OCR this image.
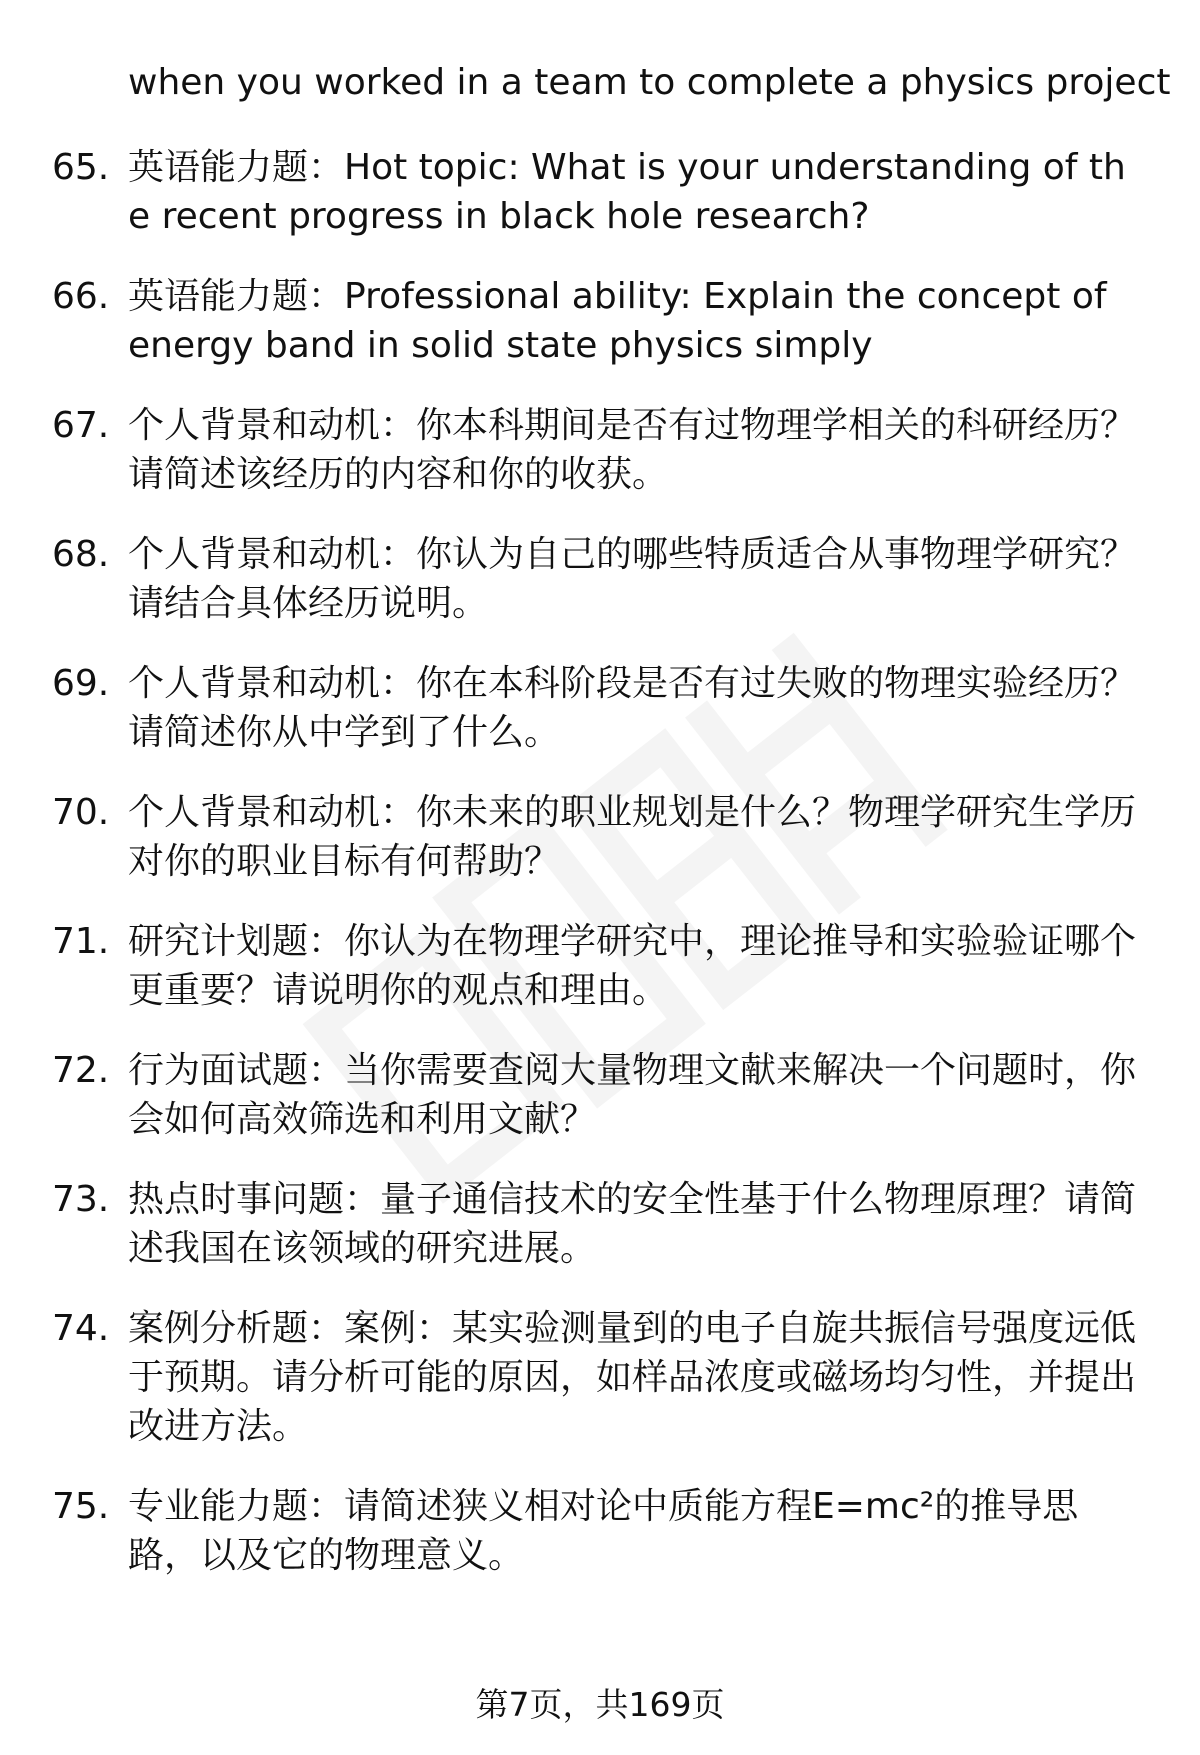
when you worked in a team to complete a physics project
65. 英语能力题：Hot topic: What is your understanding of the recent progress in black hole research?
66. 英语能力题：Professional ability: Explain the concept of energy band in solid state physics simply
67. 个人背景和动机：你本科期间是否有过物理学相关的科研经历？请简述该经历的内容和你的收获。
68. 个人背景和动机：你认为自己的哪些特质适合从事物理学研究？请结合具体经历说明。
69. 个人背景和动机：你在本科阶段是否有过失败的物理实验经历？请简述你从中学到了什么。
70. 个人背景和动机：你未来的职业规划是什么？物理学研究生学历对你的职业目标有何帮助？
71. 研究计划题：你认为在物理学研究中，理论推导和实验验证哪个更重要？请说明你的观点和理由。
72. 行为面试题：当你需要查阅大量物理文献来解决一个问题时，你会如何高效筛选和利用文献？
73. 热点时事问题：量子通信技术的安全性基于什么物理原理？请简述我国在该领域的研究进展。
74. 案例分析题：案例：某实验测量到的电子自旋共振信号强度远低于预期。请分析可能的原因，如样品浓度或磁场均匀性，并提出改进方法。
75. 专业能力题：请简述狭义相对论中质能方程E=mc²的推导思路，以及它的物理意义。
第7页，共169页
